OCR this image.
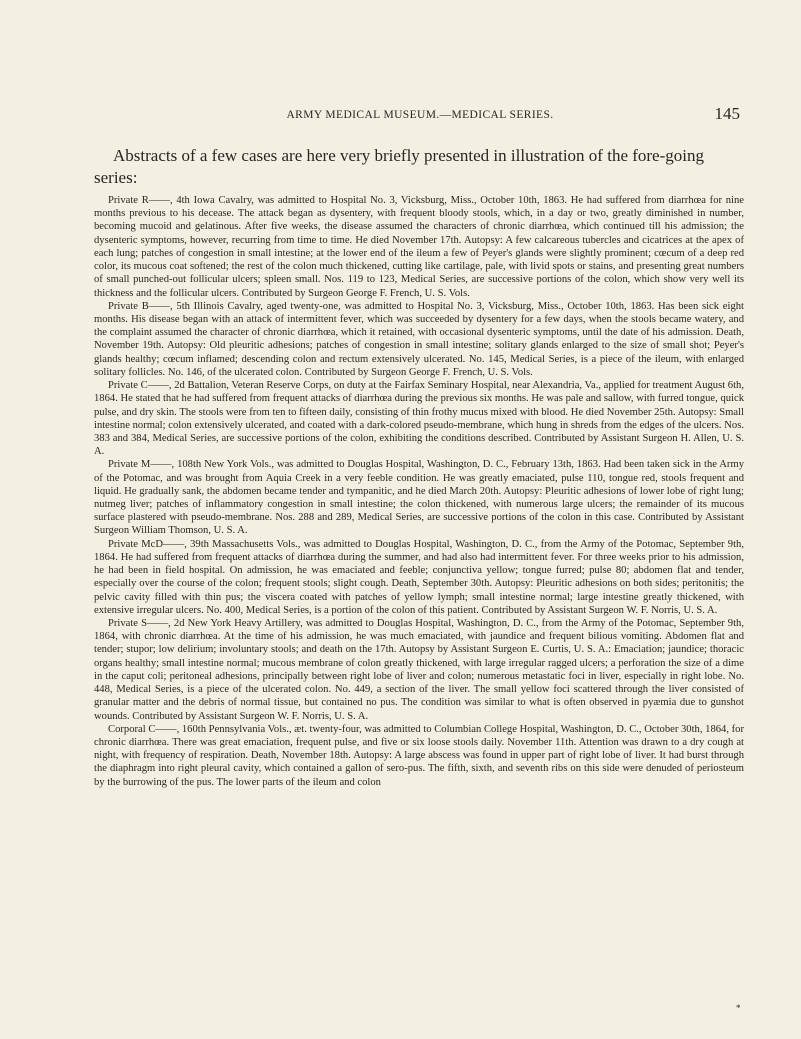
ARMY MEDICAL MUSEUM.—MEDICAL SERIES.	145
Abstracts of a few cases are here very briefly presented in illustration of the fore-going series:

Private R——, 4th Iowa Cavalry, was admitted to Hospital No. 3, Vicksburg, Miss., October 10th, 1863. He had suffered from diarrhœa for nine months previous to his decease. The attack began as dysentery, with frequent bloody stools, which, in a day or two, greatly diminished in number, becoming mucoid and gelatinous. After five weeks, the disease assumed the characters of chronic diarrhœa, which continued till his admission; the dysenteric symptoms, however, recurring from time to time. He died November 17th. Autopsy: A few calcareous tubercles and cicatrices at the apex of each lung; patches of congestion in small intestine; at the lower end of the ileum a few of Peyer's glands were slightly prominent; cœcum of a deep red color, its mucous coat softened; the rest of the colon much thickened, cutting like cartilage, pale, with livid spots or stains, and presenting great numbers of small punched-out follicular ulcers; spleen small. Nos. 119 to 123, Medical Series, are successive portions of the colon, which show very well its thickness and the follicular ulcers. Contributed by Surgeon George F. French, U. S. Vols.

Private B——, 5th Illinois Cavalry, aged twenty-one, was admitted to Hospital No. 3, Vicksburg, Miss., October 10th, 1863. Has been sick eight months. His disease began with an attack of intermittent fever, which was succeeded by dysentery for a few days, when the stools became watery, and the complaint assumed the character of chronic diarrhœa, which it retained, with occasional dysenteric symptoms, until the date of his admission. Death, November 19th. Autopsy: Old pleuritic adhesions; patches of congestion in small intestine; solitary glands enlarged to the size of small shot; Peyer's glands healthy; cœcum inflamed; descending colon and rectum extensively ulcerated. No. 145, Medical Series, is a piece of the ileum, with enlarged solitary follicles. No. 146, of the ulcerated colon. Contributed by Surgeon George F. French, U. S. Vols.

Private C——, 2d Battalion, Veteran Reserve Corps, on duty at the Fairfax Seminary Hospital, near Alexandria, Va., applied for treatment August 6th, 1864. He stated that he had suffered from frequent attacks of diarrhœa during the previous six months. He was pale and sallow, with furred tongue, quick pulse, and dry skin. The stools were from ten to fifteen daily, consisting of thin frothy mucus mixed with blood. He died November 25th. Autopsy: Small intestine normal; colon extensively ulcerated, and coated with a dark-colored pseudo-membrane, which hung in shreds from the edges of the ulcers. Nos. 383 and 384, Medical Series, are successive portions of the colon, exhibiting the conditions described. Contributed by Assistant Surgeon H. Allen, U. S. A.

Private M——, 108th New York Vols., was admitted to Douglas Hospital, Washington, D. C., February 13th, 1863. Had been taken sick in the Army of the Potomac, and was brought from Aquia Creek in a very feeble condition. He was greatly emaciated, pulse 110, tongue red, stools frequent and liquid. He gradually sank, the abdomen became tender and tympanitic, and he died March 20th. Autopsy: Pleuritic adhesions of lower lobe of right lung; nutmeg liver; patches of inflammatory congestion in small intestine; the colon thickened, with numerous large ulcers; the remainder of its mucous surface plastered with pseudo-membrane. Nos. 288 and 289, Medical Series, are successive portions of the colon in this case. Contributed by Assistant Surgeon William Thomson, U. S. A.

Private McD——, 39th Massachusetts Vols., was admitted to Douglas Hospital, Washington, D. C., from the Army of the Potomac, September 9th, 1864. He had suffered from frequent attacks of diarrhœa during the summer, and had also had intermittent fever. For three weeks prior to his admission, he had been in field hospital. On admission, he was emaciated and feeble; conjunctiva yellow; tongue furred; pulse 80; abdomen flat and tender, especially over the course of the colon; frequent stools; slight cough. Death, September 30th. Autopsy: Pleuritic adhesions on both sides; peritonitis; the pelvic cavity filled with thin pus; the viscera coated with patches of yellow lymph; small intestine normal; large intestine greatly thickened, with extensive irregular ulcers. No. 400, Medical Series, is a portion of the colon of this patient. Contributed by Assistant Surgeon W. F. Norris, U. S. A.

Private S——, 2d New York Heavy Artillery, was admitted to Douglas Hospital, Washington, D. C., from the Army of the Potomac, September 9th, 1864, with chronic diarrhœa. At the time of his admission, he was much emaciated, with jaundice and frequent bilious vomiting. Abdomen flat and tender; stupor; low delirium; involuntary stools; and death on the 17th. Autopsy by Assistant Surgeon E. Curtis, U. S. A.: Emaciation; jaundice; thoracic organs healthy; small intestine normal; mucous membrane of colon greatly thickened, with large irregular ragged ulcers; a perforation the size of a dime in the caput coli; peritoneal adhesions, principally between right lobe of liver and colon; numerous metastatic foci in liver, especially in right lobe. No. 448, Medical Series, is a piece of the ulcerated colon. No. 449, a section of the liver. The small yellow foci scattered through the liver consisted of granular matter and the debris of normal tissue, but contained no pus. The condition was similar to what is often observed in pyæmia due to gunshot wounds. Contributed by Assistant Surgeon W. F. Norris, U. S. A.

Corporal C——, 160th Pennsylvania Vols., æt. twenty-four, was admitted to Columbian College Hospital, Washington, D. C., October 30th, 1864, for chronic diarrhœa. There was great emaciation, frequent pulse, and five or six loose stools daily. November 11th. Attention was drawn to a dry cough at night, with frequency of respiration. Death, November 18th. Autopsy: A large abscess was found in upper part of right lobe of liver. It had burst through the diaphragm into right pleural cavity, which contained a gallon of sero-pus. The fifth, sixth, and seventh ribs on this side were denuded of periosteum by the burrowing of the pus. The lower parts of the ileum and colon

*
